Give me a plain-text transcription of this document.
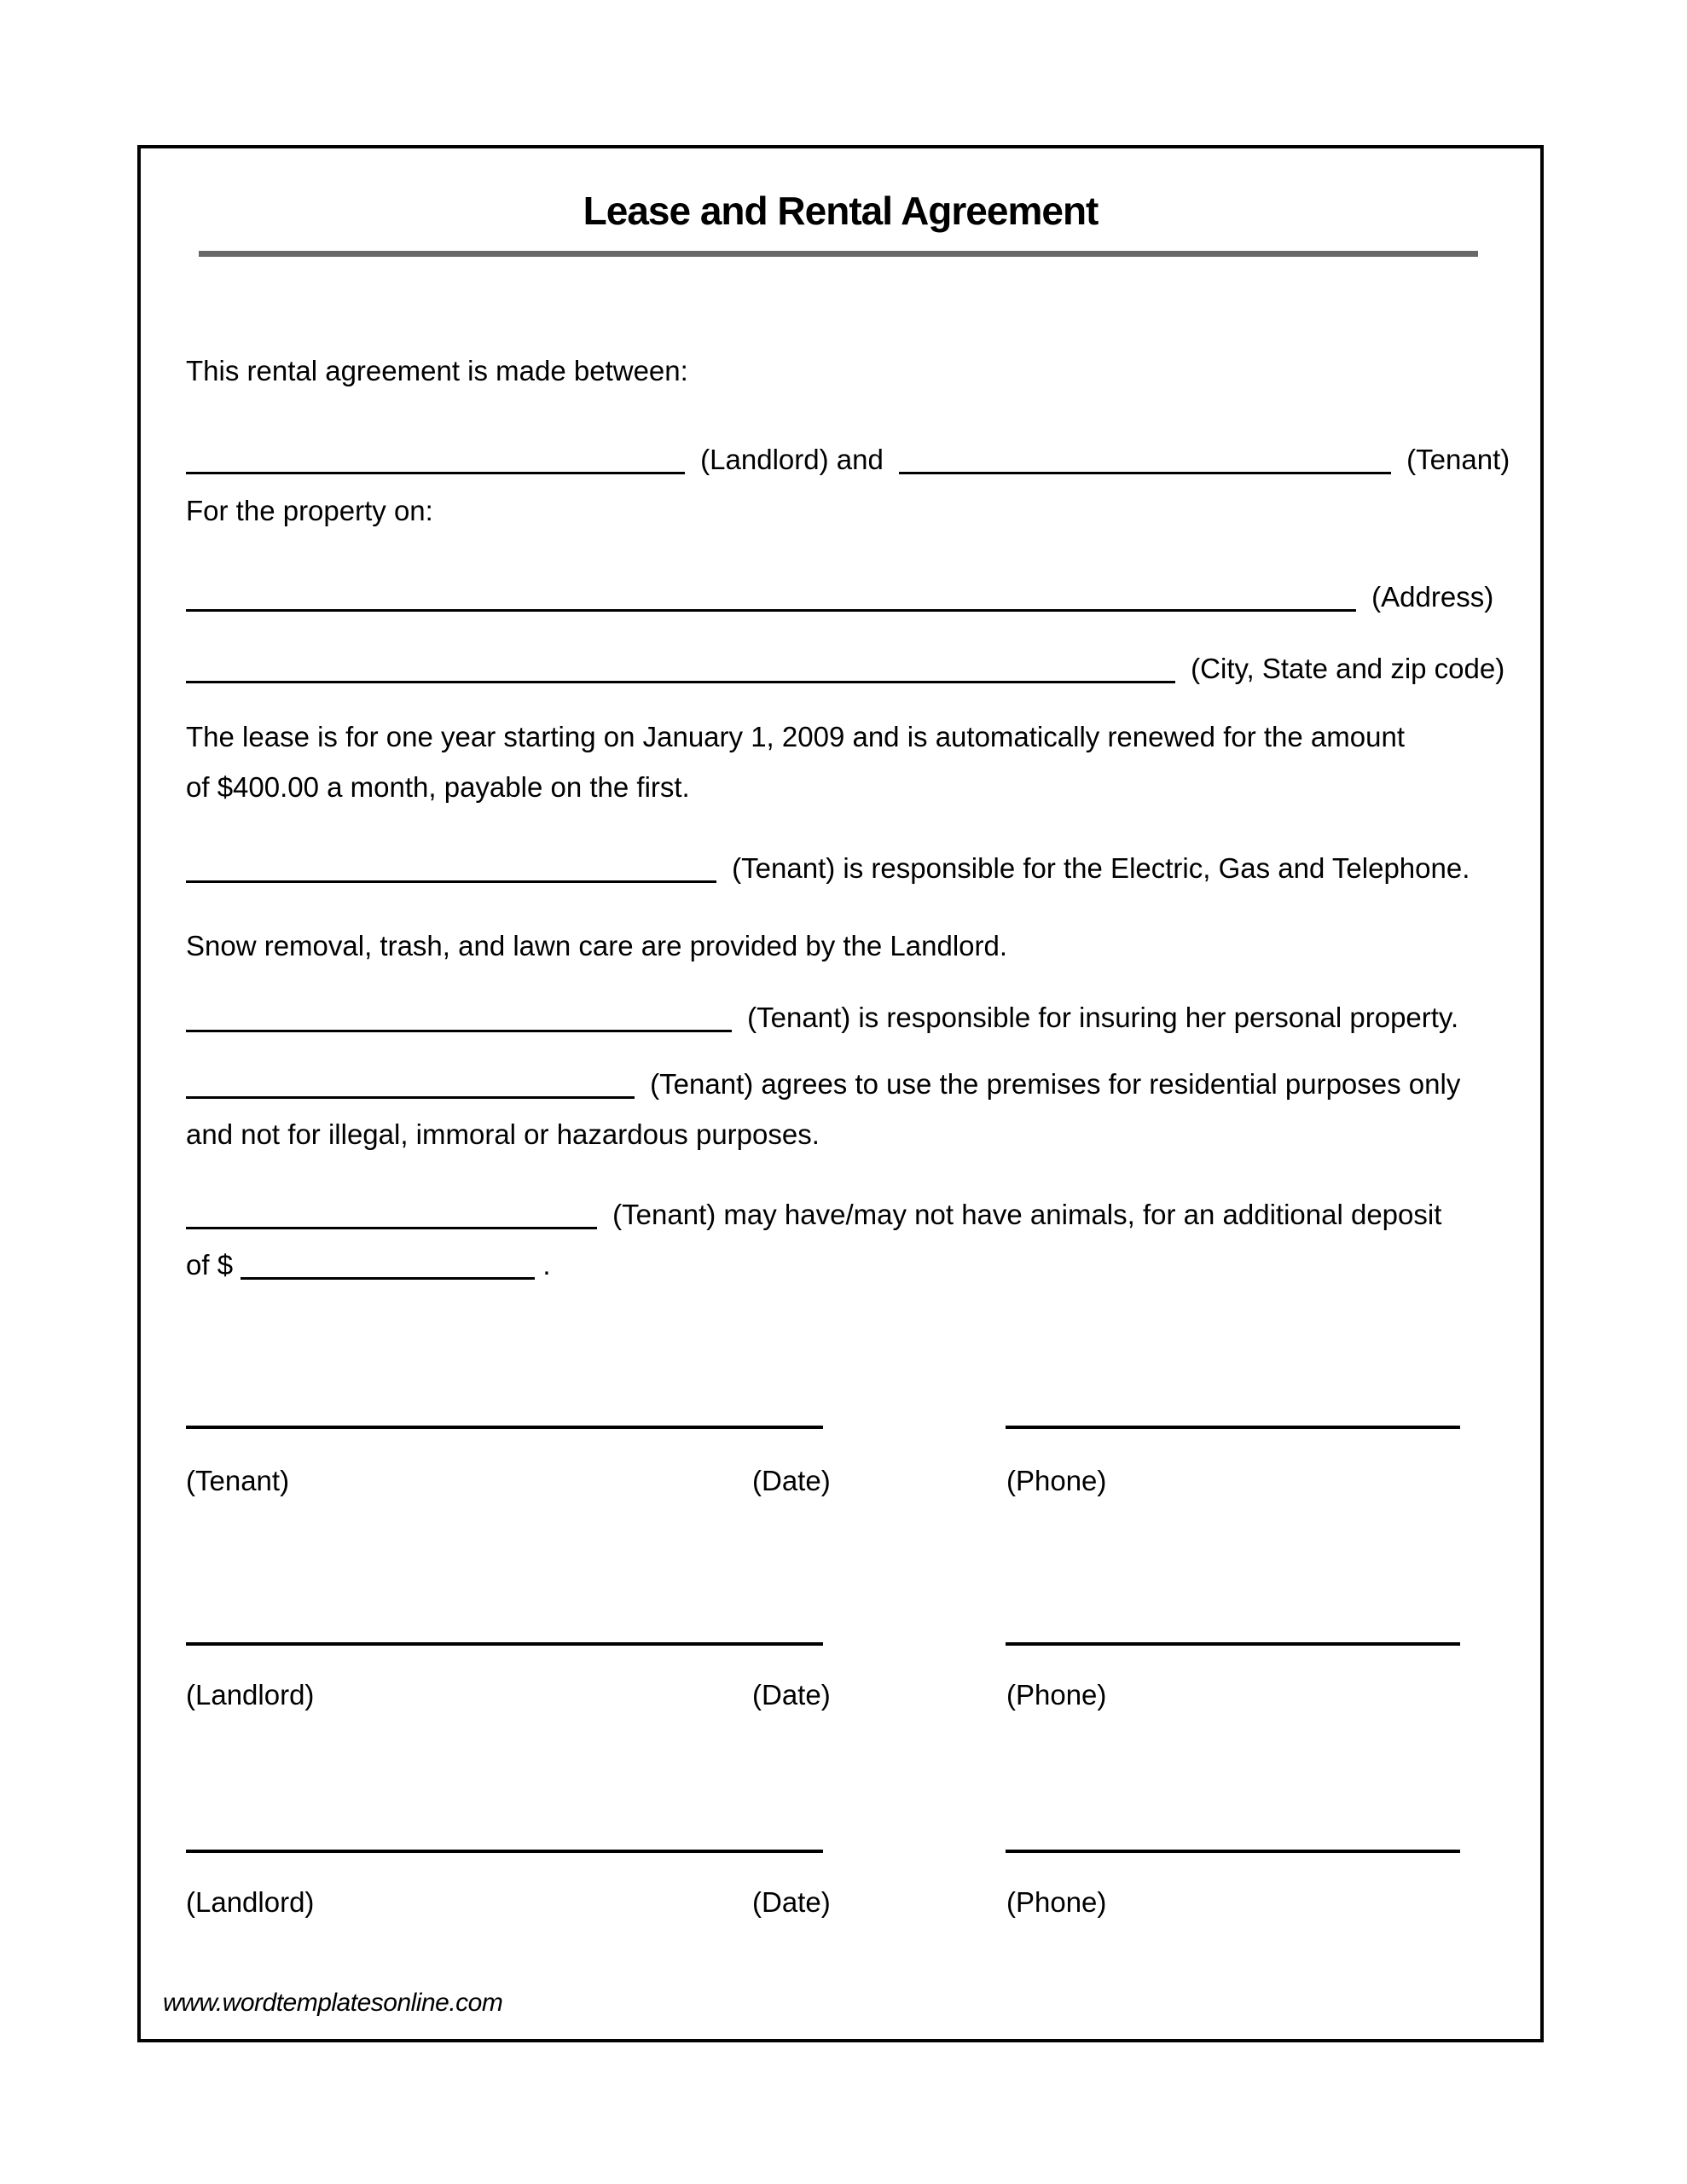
Lease and Rental Agreement
This rental agreement is made between:
(Landlord) and	(Tenant)
For the property on:
(Address)
(City, State and zip code)
The lease is for one year starting on January 1, 2009 and is automatically renewed for the amount
of $400.00 a month, payable on the first.
(Tenant) is responsible for the Electric, Gas and Telephone.
Snow removal, trash, and lawn care are provided by the Landlord.
(Tenant) is responsible for insuring her personal property.
(Tenant) agrees to use the premises for residential purposes only
and not for illegal, immoral or hazardous purposes.
(Tenant) may have/may not have animals, for an additional deposit
of $	.

(Tenant)	(Date)	(Phone)

(Landlord)	(Date)	(Phone)

(Landlord)	(Date)	(Phone)
www.wordtemplatesonline.com
